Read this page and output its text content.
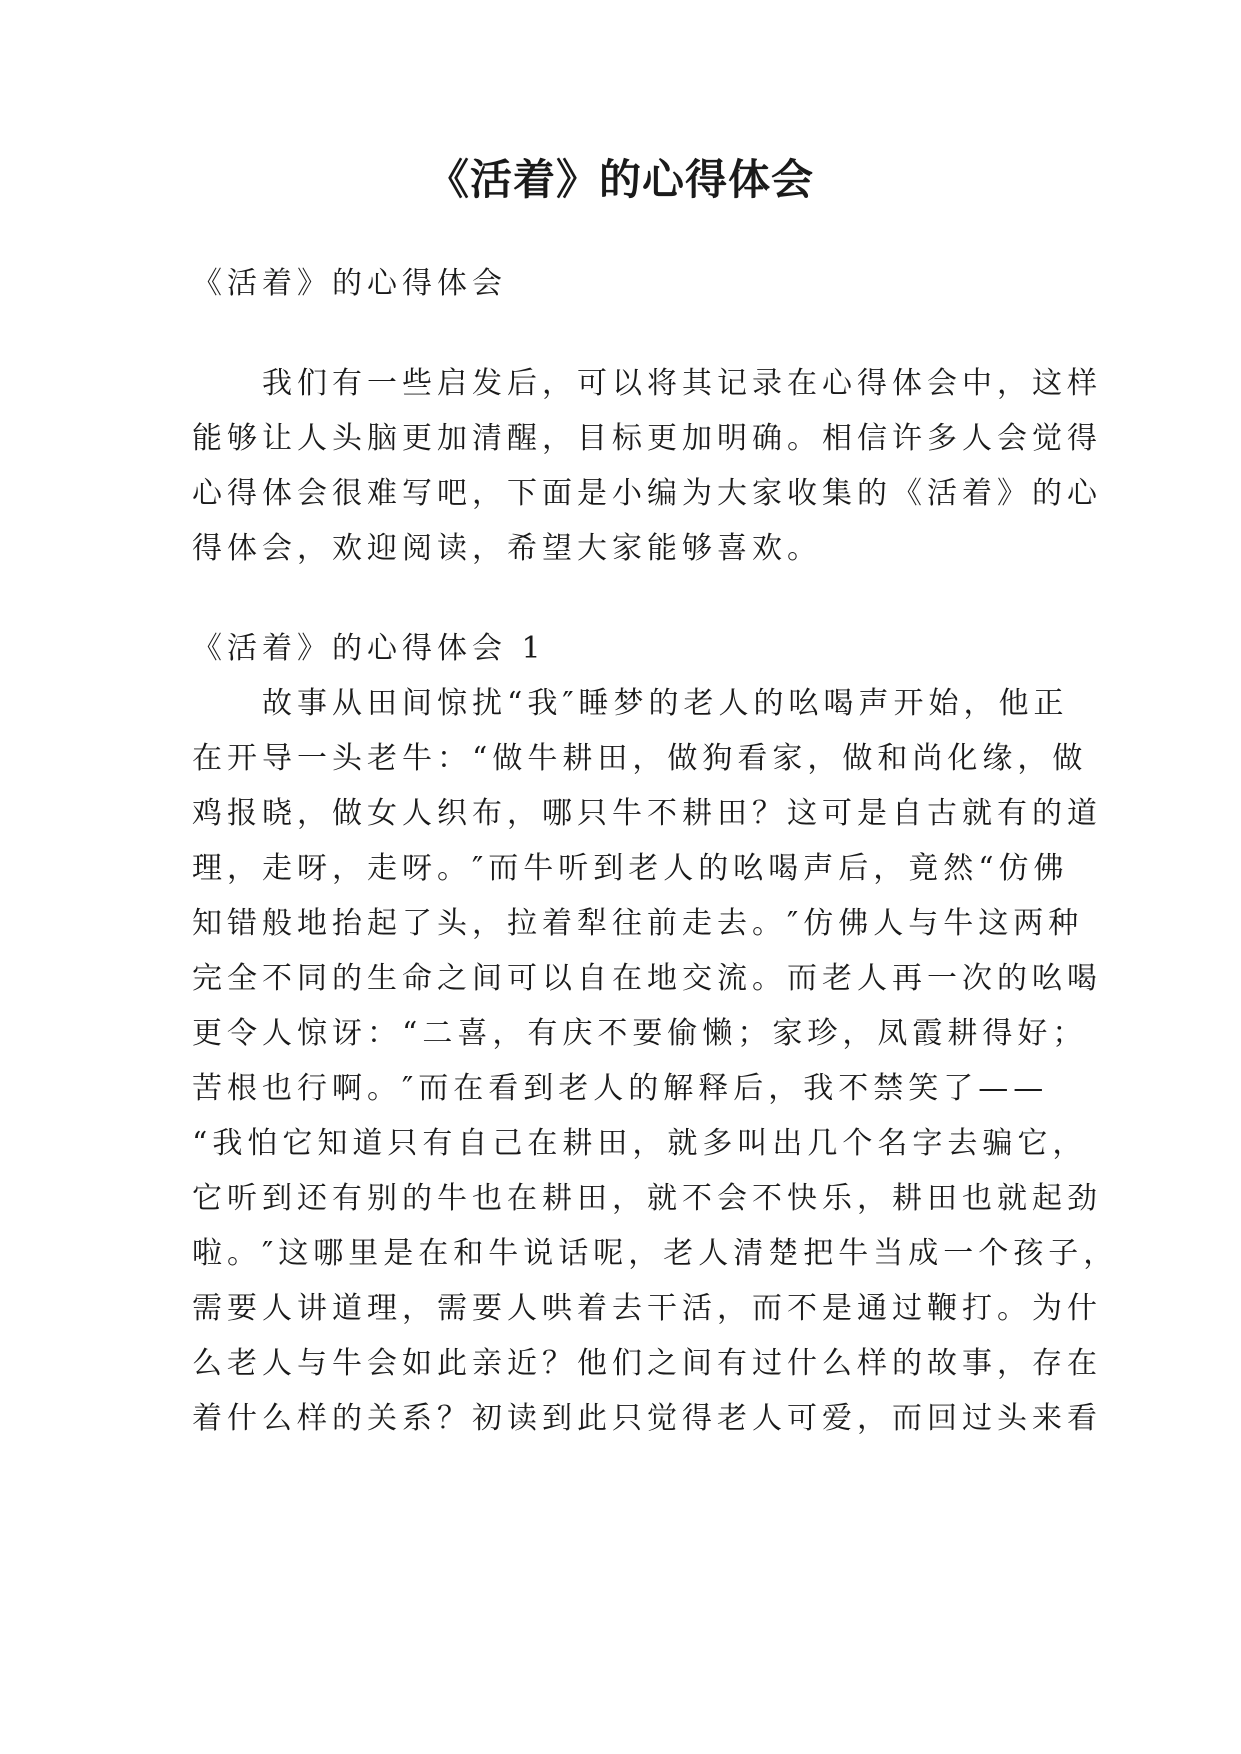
《活着》的心得体会
《活着》的心得体会
　　我们有一些启发后，可以将其记录在心得体会中，这样
能够让人头脑更加清醒，目标更加明确。相信许多人会觉得
心得体会很难写吧，下面是小编为大家收集的《活着》的心
得体会，欢迎阅读，希望大家能够喜欢。
《活着》的心得体会 1
　　故事从田间惊扰“我″睡梦的老人的吆喝声开始，他正
在开导一头老牛：“做牛耕田，做狗看家，做和尚化缘，做
鸡报晓，做女人织布，哪只牛不耕田？这可是自古就有的道
理，走呀，走呀。″而牛听到老人的吆喝声后，竟然“仿佛
知错般地抬起了头，拉着犁往前走去。″仿佛人与牛这两种
完全不同的生命之间可以自在地交流。而老人再一次的吆喝
更令人惊讶：“二喜，有庆不要偷懒；家珍，凤霞耕得好；
苦根也行啊。″而在看到老人的解释后，我不禁笑了——
“我怕它知道只有自己在耕田，就多叫出几个名字去骗它，
它听到还有别的牛也在耕田，就不会不快乐，耕田也就起劲
啦。″这哪里是在和牛说话呢，老人清楚把牛当成一个孩子，
需要人讲道理，需要人哄着去干活，而不是通过鞭打。为什
么老人与牛会如此亲近？他们之间有过什么样的故事，存在
着什么样的关系？初读到此只觉得老人可爱，而回过头来看
